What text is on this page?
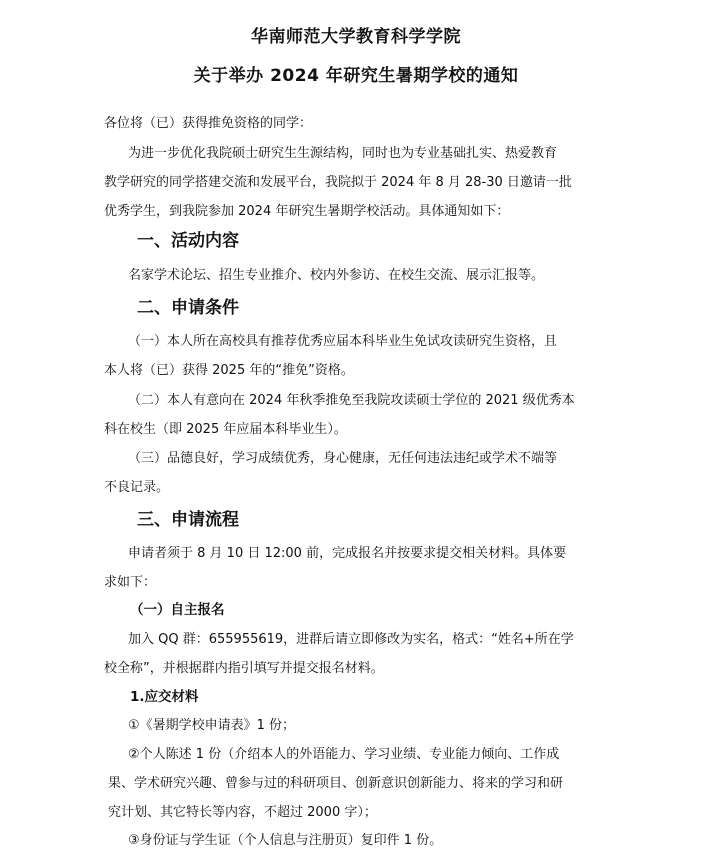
华南师范大学教育科学学院
关于举办 2024 年研究生暑期学校的通知

各位将（已）获得推免资格的同学：

为进一步优化我院硕士研究生生源结构，同时也为专业基础扎实、热爱教育

教学研究的同学搭建交流和发展平台，我院拟于 2024 年 8 月 28-30 日邀请一批

优秀学生，到我院参加 2024 年研究生暑期学校活动。具体通知如下：

一、活动内容

名家学术论坛、招生专业推介、校内外参访、在校生交流、展示汇报等。

二、申请条件

（一）本人所在高校具有推荐优秀应届本科毕业生免试攻读研究生资格，且

本人将（已）获得 2025 年的“推免”资格。

（二）本人有意向在 2024 年秋季推免至我院攻读硕士学位的 2021 级优秀本

科在校生（即 2025 年应届本科毕业生）。

（三）品德良好，学习成绩优秀，身心健康，无任何违法违纪或学术不端等

不良记录。

三、申请流程

申请者须于 8 月 10 日 12:00 前，完成报名并按要求提交相关材料。具体要

求如下：

（一）自主报名

加入 QQ 群：655955619，进群后请立即修改为实名，格式：“姓名+所在学

校全称”，并根据群内指引填写并提交报名材料。

1.应交材料

①《暑期学校申请表》1 份；

②个人陈述 1 份（介绍本人的外语能力、学习业绩、专业能力倾向、工作成

果、学术研究兴趣、曾参与过的科研项目、创新意识创新能力、将来的学习和研

究计划、其它特长等内容，不超过 2000 字）；

③身份证与学生证（个人信息与注册页）复印件 1 份。
